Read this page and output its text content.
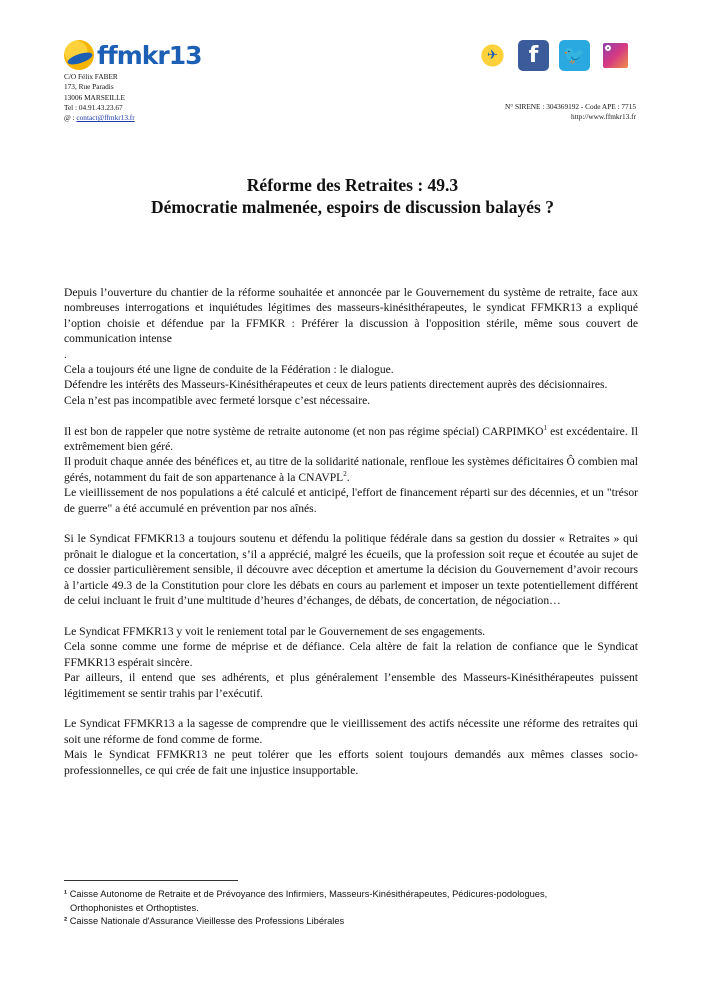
ffmkr13
C/O Félix FABER
173, Rue Paradis
13006 MARSEILLE
Tel : 04.91.43.23.67
@ : contact@ffmkr13.fr
✈	f	🐦
N° SIRENE : 304369192 - Code APE : 7715
http://www.ffmkr13.fr
Réforme des Retraites : 49.3
Démocratie malmenée, espoirs de discussion balayés ?

Depuis l’ouverture du chantier de la réforme souhaitée et annoncée par le Gouvernement du système de retraite, face aux nombreuses interrogations et inquiétudes légitimes des masseurs-kinésithérapeutes, le syndicat FFMKR13 a expliqué l’option choisie et défendue par la FFMKR : Préférer la discussion à l'opposition stérile, même sous couvert de communication intense

.

Cela a toujours été une ligne de conduite de la Fédération : le dialogue.

Défendre les intérêts des Masseurs-Kinésithérapeutes et ceux de leurs patients directement auprès des décisionnaires.

Cela n’est pas incompatible avec fermeté lorsque c’est nécessaire.

Il est bon de rappeler que notre système de retraite autonome (et non pas régime spécial) CARPIMKO$^1$ est excédentaire. Il extrêmement bien géré.

Il produit chaque année des bénéfices et, au titre de la solidarité nationale, renfloue les systèmes déficitaires Ô combien mal gérés, notamment du fait de son appartenance à la CNAVPL$^2$.

Le vieillissement de nos populations a été calculé et anticipé, l'effort de financement réparti sur des décennies, et un "trésor de guerre" a été accumulé en prévention par nos aînés.

Si le Syndicat FFMKR13 a toujours soutenu et défendu la politique fédérale dans sa gestion du dossier « Retraites » qui prônait le dialogue et la concertation, s’il a apprécié, malgré les écueils, que la profession soit reçue et écoutée au sujet de ce dossier particulièrement sensible, il découvre avec déception et amertume la décision du Gouvernement d’avoir recours à l’article 49.3 de la Constitution pour clore les débats en cours au parlement et imposer un texte potentiellement différent de celui incluant le fruit d’une multitude d’heures d’échanges, de débats, de concertation, de négociation…

Le Syndicat FFMKR13 y voit le reniement total par le Gouvernement de ses engagements.

Cela sonne comme une forme de méprise et de défiance. Cela altère de fait la relation de confiance que le Syndicat FFMKR13 espérait sincère.

Par ailleurs, il entend que ses adhérents, et plus généralement l’ensemble des Masseurs-Kinésithérapeutes puissent légitimement se sentir trahis par l’exécutif.

Le Syndicat FFMKR13 a la sagesse de comprendre que le vieillissement des actifs nécessite une réforme des retraites qui soit une réforme de fond comme de forme.

Mais le Syndicat FFMKR13 ne peut tolérer que les efforts soient toujours demandés aux mêmes classes socio-professionnelles, ce qui crée de fait une injustice insupportable.

¹ Caisse Autonome de Retraite et de Prévoyance des Infirmiers, Masseurs-Kinésithérapeutes, Pédicures-podologues,
Orthophonistes et Orthoptistes.
² Caisse Nationale d'Assurance Vieillesse des Professions Libérales
